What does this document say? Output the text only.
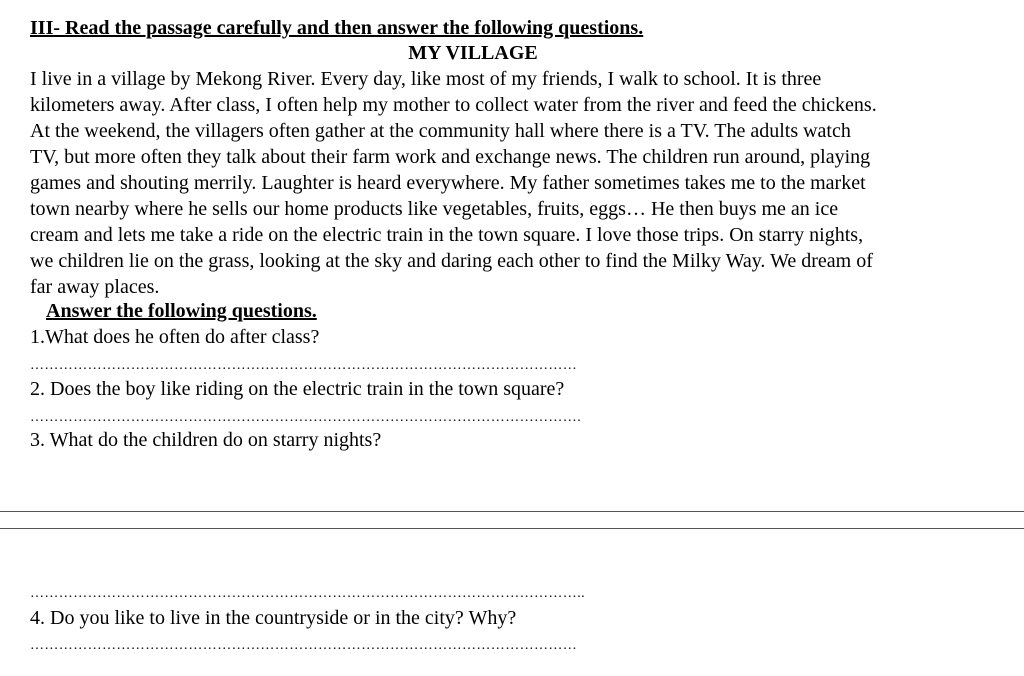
III- Read the passage carefully and then answer the following questions.
MY VILLAGE
I live in a village by Mekong River. Every day, like most of my friends, I walk to school. It is three
kilometers away. After class, I often help my mother to collect water from the river and feed the chickens.
At the weekend, the villagers often gather at the community hall where there is a TV. The adults watch
TV, but more often they talk about their farm work and exchange news. The children run around, playing
games and shouting merrily. Laughter is heard everywhere. My father sometimes takes me to the market
town nearby where he sells our home products like vegetables, fruits, eggs… He then buys me an ice
cream and lets me take a ride on the electric train in the town square. I love those trips. On starry nights,
we children lie on the grass, looking at the sky and daring each other to find the Milky Way. We dream of
far away places.
Answer the following questions.
1.What does he often do after class?
……………………………………………………………………………………………………
2. Does the boy like riding on the electric train in the town square?
…………………………………………………………………………………………………….
3. What do the children do on starry nights?
……………………………………………………………………………………………………..
4. Do you like to live in the countryside or in the city? Why?
……………………………………………………………………………………………………
